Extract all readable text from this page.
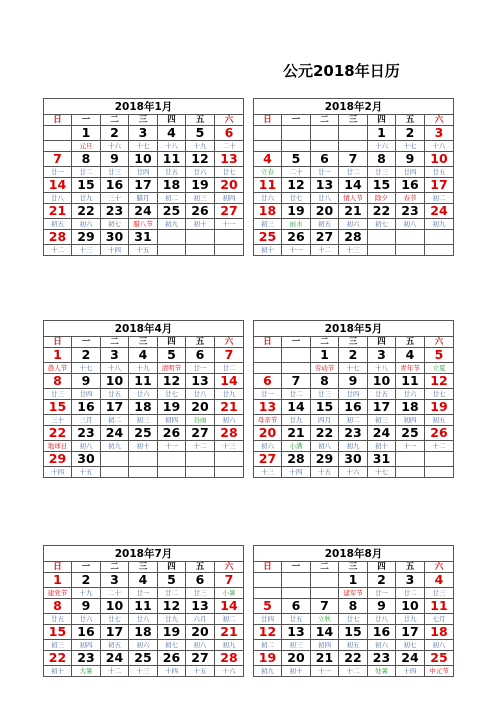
公元2018年日历
2018年1月						
日	一	二	三	四	五	六
	1	2	3	4	5	6
	元旦	十六	十七	十八	十九	二十
7	8	9	10	11	12	13
廿一	廿二	廿三	廿四	廿五	廿六	廿七
14	15	16	17	18	19	20
廿八	廿九	三十	腊月	初二	初三	初四
21	22	23	24	25	26	27
初五	初六	初七	腊八节	初九	初十	十一
28	29	30	31			
十二	十三	十四	十五			
2018年2月						
日	一	二	三	四	五	六
				1	2	3
				十六	十七	十八
4	5	6	7	8	9	10
立春	二十	廿一	廿二	廿三	廿四	廿五
11	12	13	14	15	16	17
廿六	廿七	廿八	情人节	除夕	春节	初二
18	19	20	21	22	23	24
初三	雨水	初五	初六	初七	初八	初九
25	26	27	28			
初十	十一	十二	十三			
2018年4月						
日	一	二	三	四	五	六
1	2	3	4	5	6	7
愚人节	十七	十八	十九	清明节	廿一	廿二
8	9	10	11	12	13	14
廿三	廿四	廿五	廿六	廿七	廿八	廿九
15	16	17	18	19	20	21
三十	三月	初二	初三	初四	谷雨	初六
22	23	24	25	26	27	28
地球日	初八	初九	初十	十一	十二	十三
29	30					
十四	十五					
2018年5月						
日	一	二	三	四	五	六
		1	2	3	4	5
		劳动节	十七	十八	青年节	立夏
6	7	8	9	10	11	12
廿一	廿二	廿三	廿四	廿五	廿六	廿七
13	14	15	16	17	18	19
母亲节	廿九	四月	初二	初三	初四	初五
20	21	22	23	24	25	26
初六	小满	初八	初九	初十	十一	十二
27	28	29	30	31		
十三	十四	十五	十六	十七		
2018年7月						
日	一	二	三	四	五	六
1	2	3	4	5	6	7
建党节	十九	二十	廿一	廿二	廿三	小暑
8	9	10	11	12	13	14
廿五	廿六	廿七	廿八	廿九	六月	初二
15	16	17	18	19	20	21
初三	初四	初五	初六	初七	初八	初九
22	23	24	25	26	27	28
初十	大暑	十二	十三	十四	十五	十六
2018年8月						
日	一	二	三	四	五	六
			1	2	3	4
			建军节	廿一	廿二	廿三
5	6	7	8	9	10	11
廿四	廿五	立秋	廿七	廿八	廿九	七月
12	13	14	15	16	17	18
初二	初三	初四	初五	初六	初七	初八
19	20	21	22	23	24	25
初九	初十	十一	十二	处暑	十四	中元节
